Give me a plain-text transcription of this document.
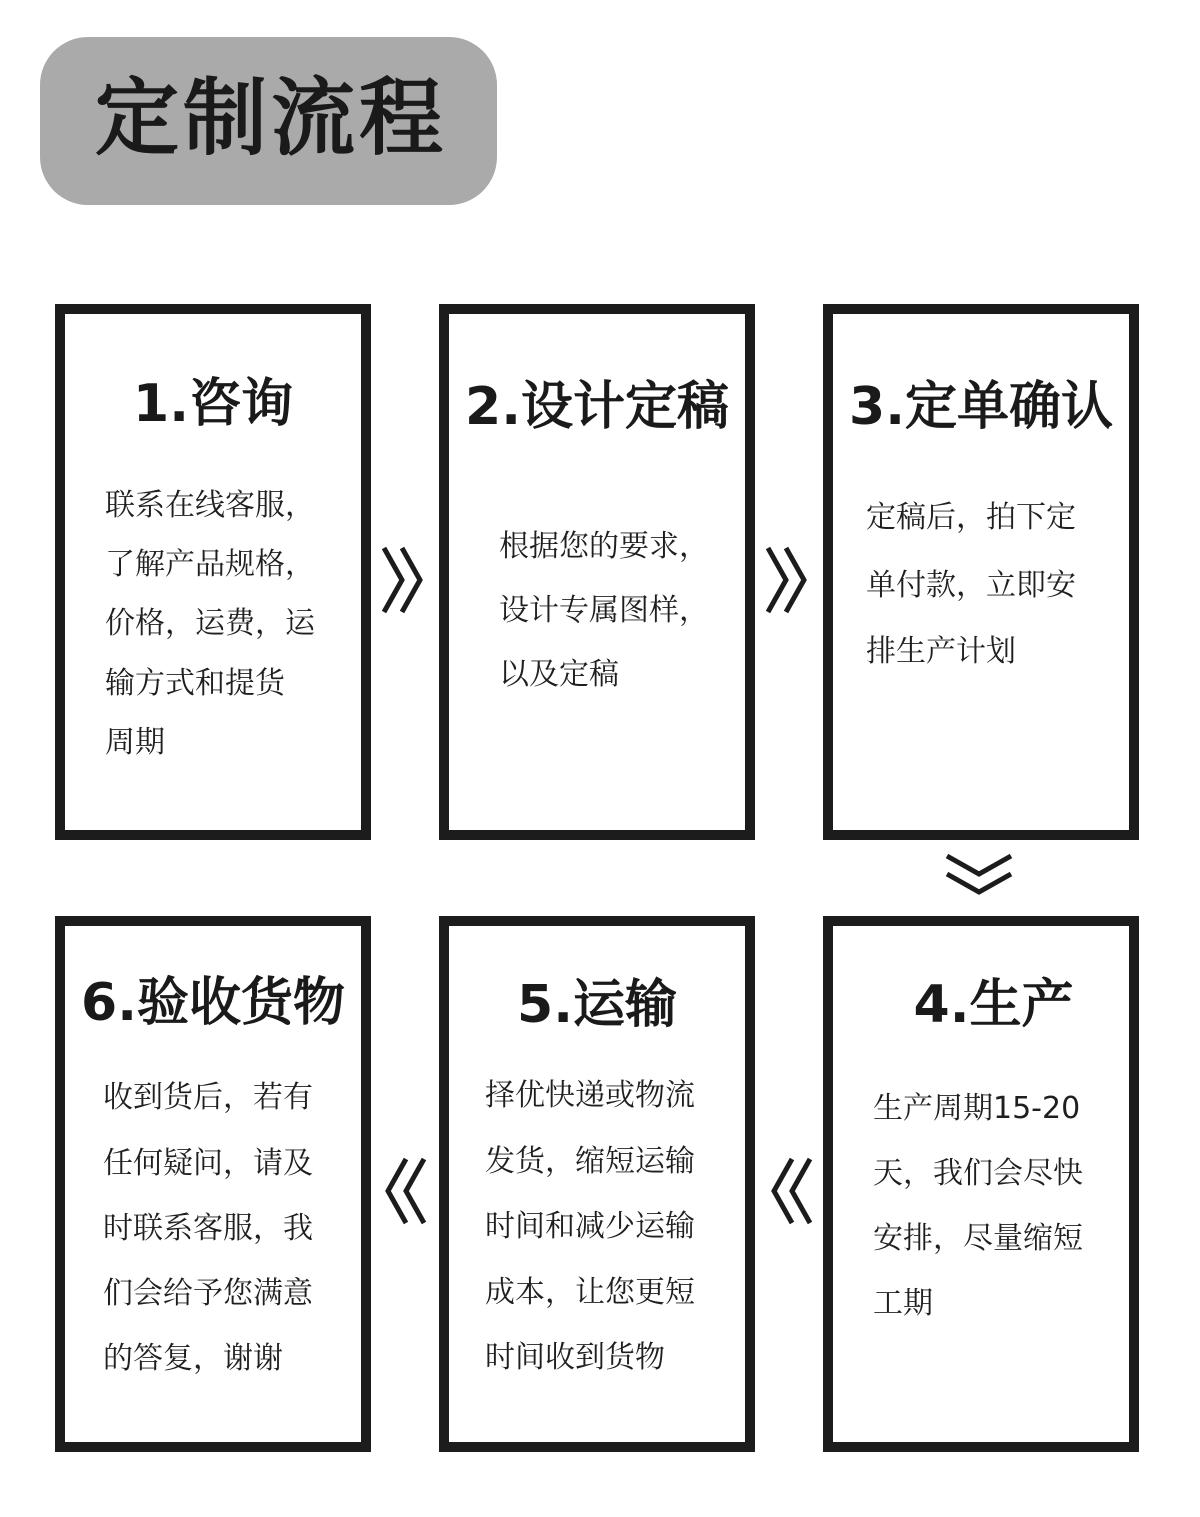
定制流程
1.咨询
联系在线客服，
了解产品规格，
价格，运费，运
输方式和提货
周期
2.设计定稿
根据您的要求，
设计专属图样，
以及定稿
3.定单确认
定稿后，拍下定
单付款，立即安
排生产计划
4.生产
生产周期15-20
天，我们会尽快
安排，尽量缩短
工期
5.运输
择优快递或物流
发货，缩短运输
时间和减少运输
成本，让您更短
时间收到货物
6.验收货物
收到货后，若有
任何疑问，请及
时联系客服，我
们会给予您满意
的答复，谢谢
